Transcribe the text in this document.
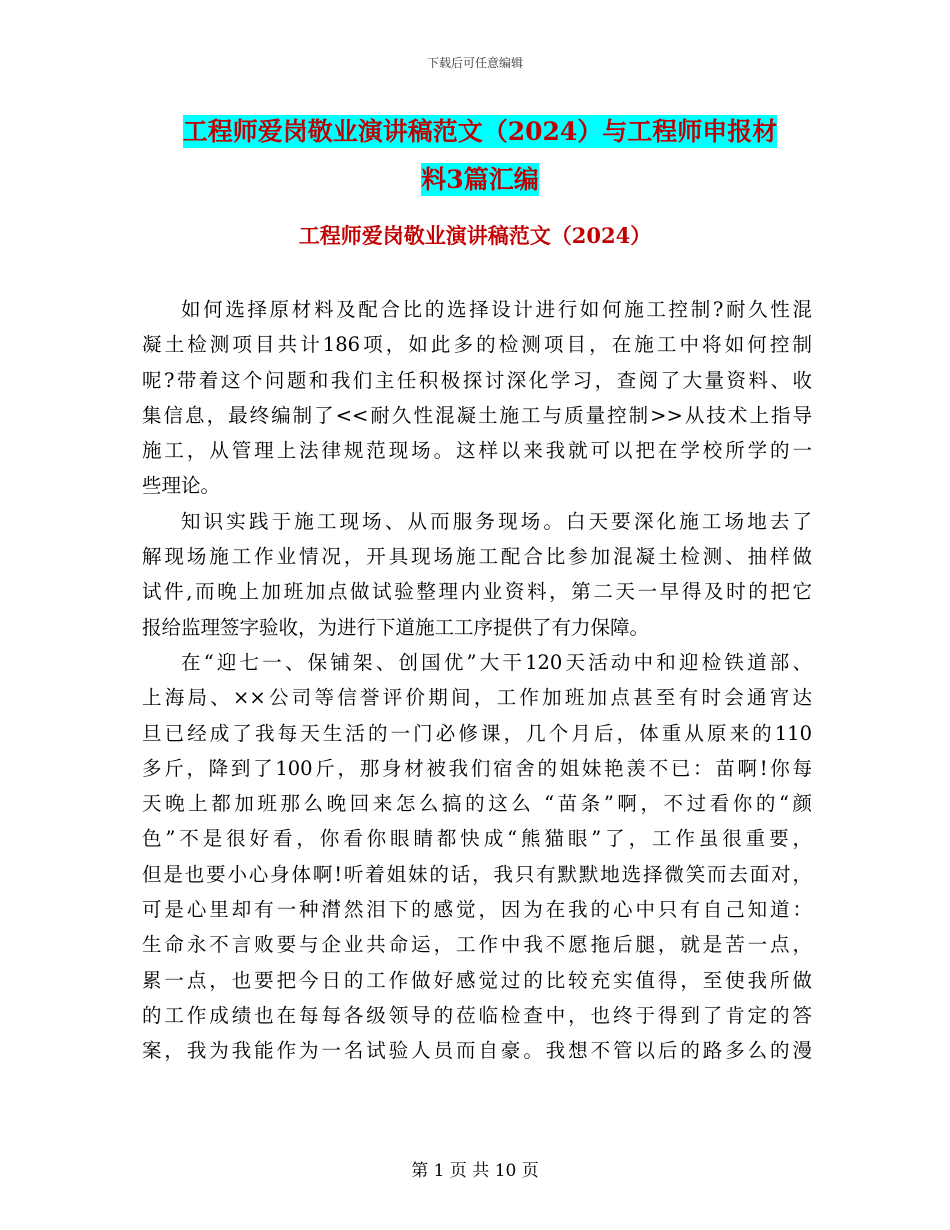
下载后可任意编辑
工程师爱岗敬业演讲稿范文（2024）与工程师申报材
料3篇汇编
工程师爱岗敬业演讲稿范文（2024）
如何选择原材料及配合比的选择设计进行如何施工控制?耐久性混
凝土检测项目共计186项，如此多的检测项目，在施工中将如何控制
呢?带着这个问题和我们主任积极探讨深化学习，查阅了大量资料、收
集信息，最终编制了<<耐久性混凝土施工与质量控制>>从技术上指导
施工，从管理上法律规范现场。这样以来我就可以把在学校所学的一
些理论。
知识实践于施工现场、从而服务现场。白天要深化施工场地去了
解现场施工作业情况，开具现场施工配合比参加混凝土检测、抽样做
试件,而晚上加班加点做试验整理内业资料，第二天一早得及时的把它
报给监理签字验收，为进行下道施工工序提供了有力保障。
在“迎七一、保铺架、创国优”大干120天活动中和迎检铁道部、
上海局、××公司等信誉评价期间，工作加班加点甚至有时会通宵达
旦已经成了我每天生活的一门必修课，几个月后，体重从原来的110
多斤，降到了100斤，那身材被我们宿舍的姐妹艳羡不已：苗啊!你每
天晚上都加班那么晚回来怎么搞的这么 “苗条”啊，不过看你的“颜
色”不是很好看，你看你眼睛都快成“熊猫眼”了，工作虽很重要，
但是也要小心身体啊!听着姐妹的话，我只有默默地选择微笑而去面对，
可是心里却有一种潸然泪下的感觉，因为在我的心中只有自己知道：
生命永不言败要与企业共命运，工作中我不愿拖后腿，就是苦一点，
累一点，也要把今日的工作做好感觉过的比较充实值得，至使我所做
的工作成绩也在每每各级领导的莅临检查中，也终于得到了肯定的答
案，我为我能作为一名试验人员而自豪。我想不管以后的路多么的漫
第 1 页 共 10 页
